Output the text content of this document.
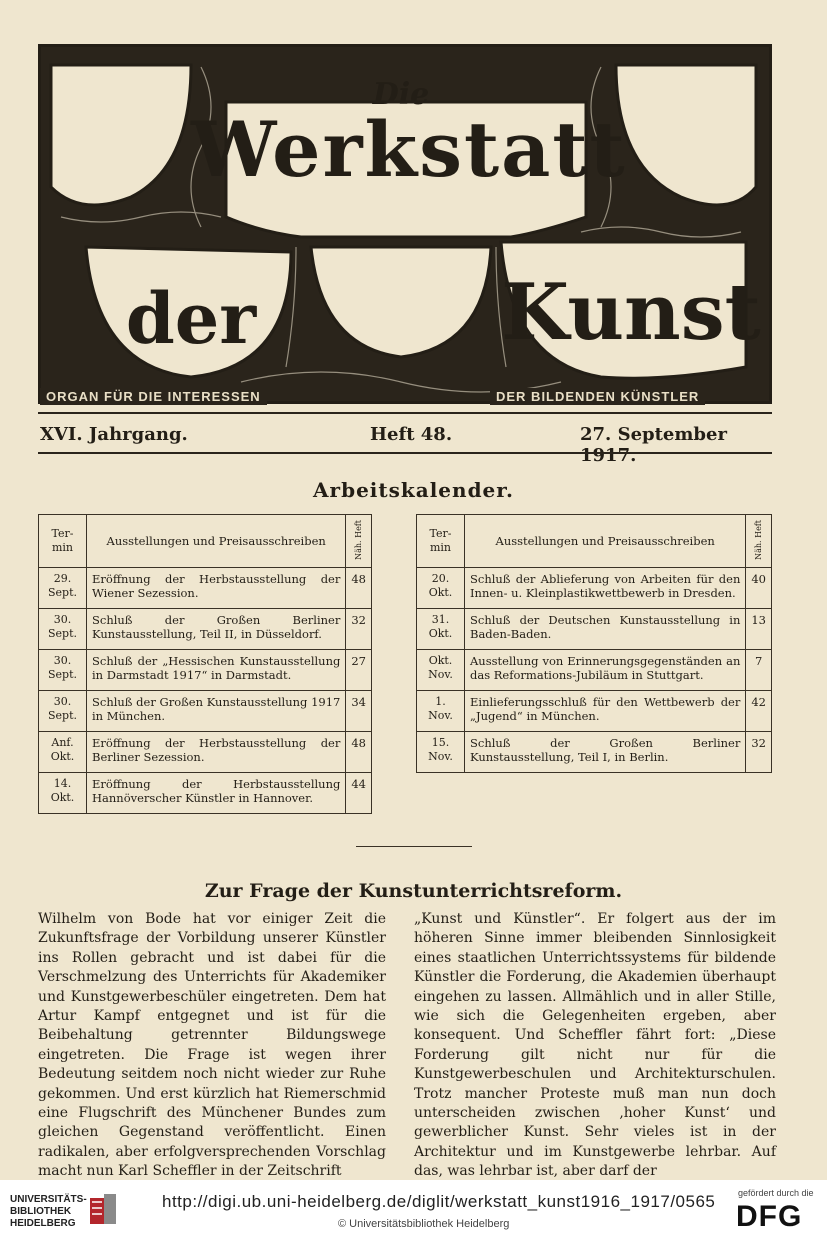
Die
Werkstatt
der	Kunst
ORGAN FÜR DIE INTERESSEN	DER BILDENDEN KÜNSTLER
XVI. Jahrgang.	Heft 48.	27. September 1917.
Arbeitskalender.
Ter-min	Ausstellungen und Preisausschreiben	Näh. Heft
29. Sept.	Eröffnung der Herbstausstellung der Wiener Sezession.	48
30. Sept.	Schluß der Großen Berliner Kunstausstellung, Teil II, in Düsseldorf.	32
30. Sept.	Schluß der „Hessischen Kunstausstellung in Darmstadt 1917“ in Darmstadt.	27
30. Sept.	Schluß der Großen Kunstausstellung 1917 in München.	34
Anf. Okt.	Eröffnung der Herbstausstellung der Berliner Sezession.	48
14. Okt.	Eröffnung der Herbstausstellung Hannöverscher Künstler in Hannover.	44
Ter-min	Ausstellungen und Preisausschreiben	Näh. Heft
20. Okt.	Schluß der Ablieferung von Arbeiten für den Innen- u. Kleinplastikwettbewerb in Dresden.	40
31. Okt.	Schluß der Deutschen Kunstausstellung in Baden-Baden.	13
Okt. Nov.	Ausstellung von Erinnerungsgegenständen an das Reformations-Jubiläum in Stuttgart.	7
1. Nov.	Einlieferungsschluß für den Wettbewerb der „Jugend“ in München.	42
15. Nov.	Schluß der Großen Berliner Kunstausstellung, Teil I, in Berlin.	32
Zur Frage der Kunstunterrichtsreform.
Wilhelm von Bode hat vor einiger Zeit die Zukunftsfrage der Vorbildung unserer Künstler ins Rollen gebracht und ist dabei für die Verschmelzung des Unterrichts für Akademiker und Kunstgewerbeschüler eingetreten. Dem hat Artur Kampf entgegnet und ist für die Beibehaltung getrennter Bildungswege eingetreten. Die Frage ist wegen ihrer Bedeutung seitdem noch nicht wieder zur Ruhe gekommen. Und erst kürzlich hat Riemerschmid eine Flugschrift des Münchener Bundes zum gleichen Gegenstand veröffentlicht. Einen radikalen, aber erfolgversprechenden Vorschlag macht nun Karl Scheffler in der Zeitschrift
„Kunst und Künstler“. Er folgert aus der im höheren Sinne immer bleibenden Sinnlosigkeit eines staatlichen Unterrichtssystems für bildende Künstler die Forderung, die Akademien überhaupt eingehen zu lassen. Allmählich und in aller Stille, wie sich die Gelegenheiten ergeben, aber konsequent. Und Scheffler fährt fort: „Diese Forderung gilt nicht nur für die Kunstgewerbeschulen und Architekturschulen. Trotz mancher Proteste muß man nun doch unterscheiden zwischen ‚hoher Kunst‘ und gewerblicher Kunst. Sehr vieles ist in der Architektur und im Kunstgewerbe lehrbar. Auf das, was lehrbar ist, aber darf der
UNIVERSITÄTS-
BIBLIOTHEK
HEIDELBERG
http://digi.ub.uni-heidelberg.de/diglit/werkstatt_kunst1916_1917/0565
© Universitätsbibliothek Heidelberg
gefördert durch die
DFG
